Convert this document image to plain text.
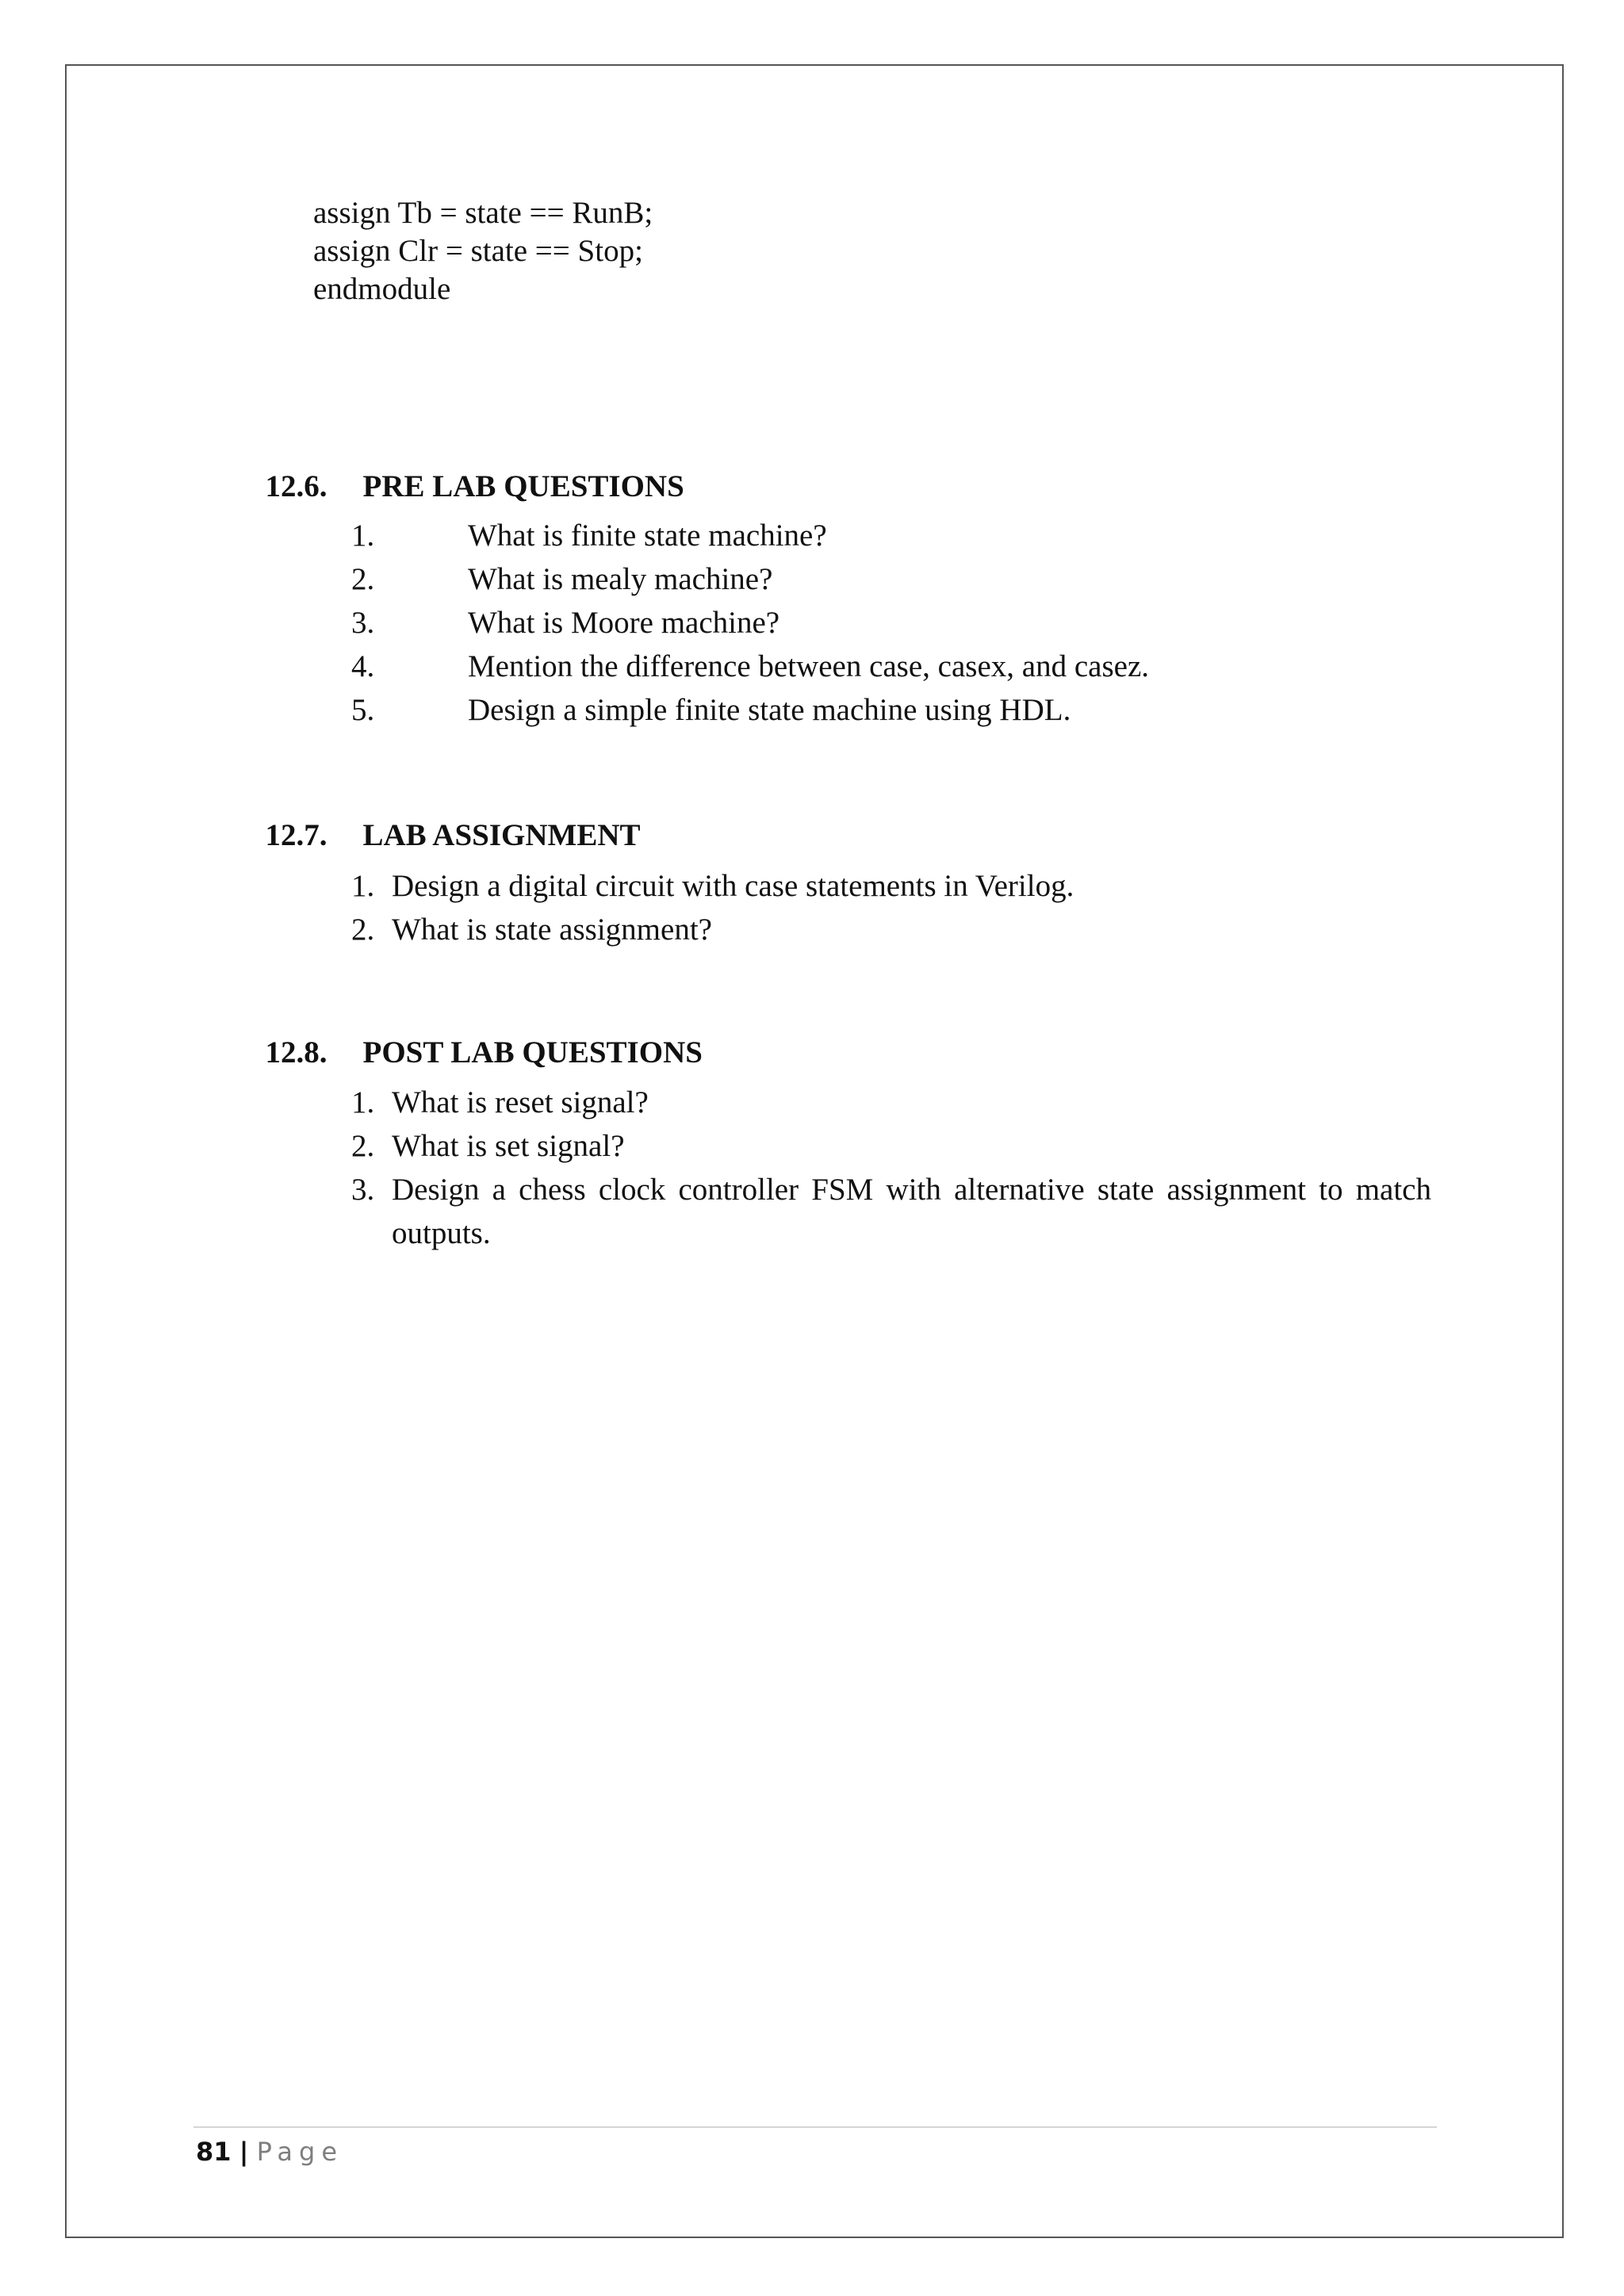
assign Tb = state == RunB;
assign Clr = state == Stop;
endmodule

12.6. PRE LAB QUESTIONS

1.	What is finite state machine?
2.	What is mealy machine?
3.	What is Moore machine?
4.	Mention the difference between case, casex, and casez.
5.	Design a simple finite state machine using HDL.

12.7. LAB ASSIGNMENT

1. Design a digital circuit with case statements in Verilog.
2. What is state assignment?

12.8. POST LAB QUESTIONS

1. What is reset signal?
2. What is set signal?
3. Design a chess clock controller FSM with alternative state assignment to match outputs.
81 | Page
